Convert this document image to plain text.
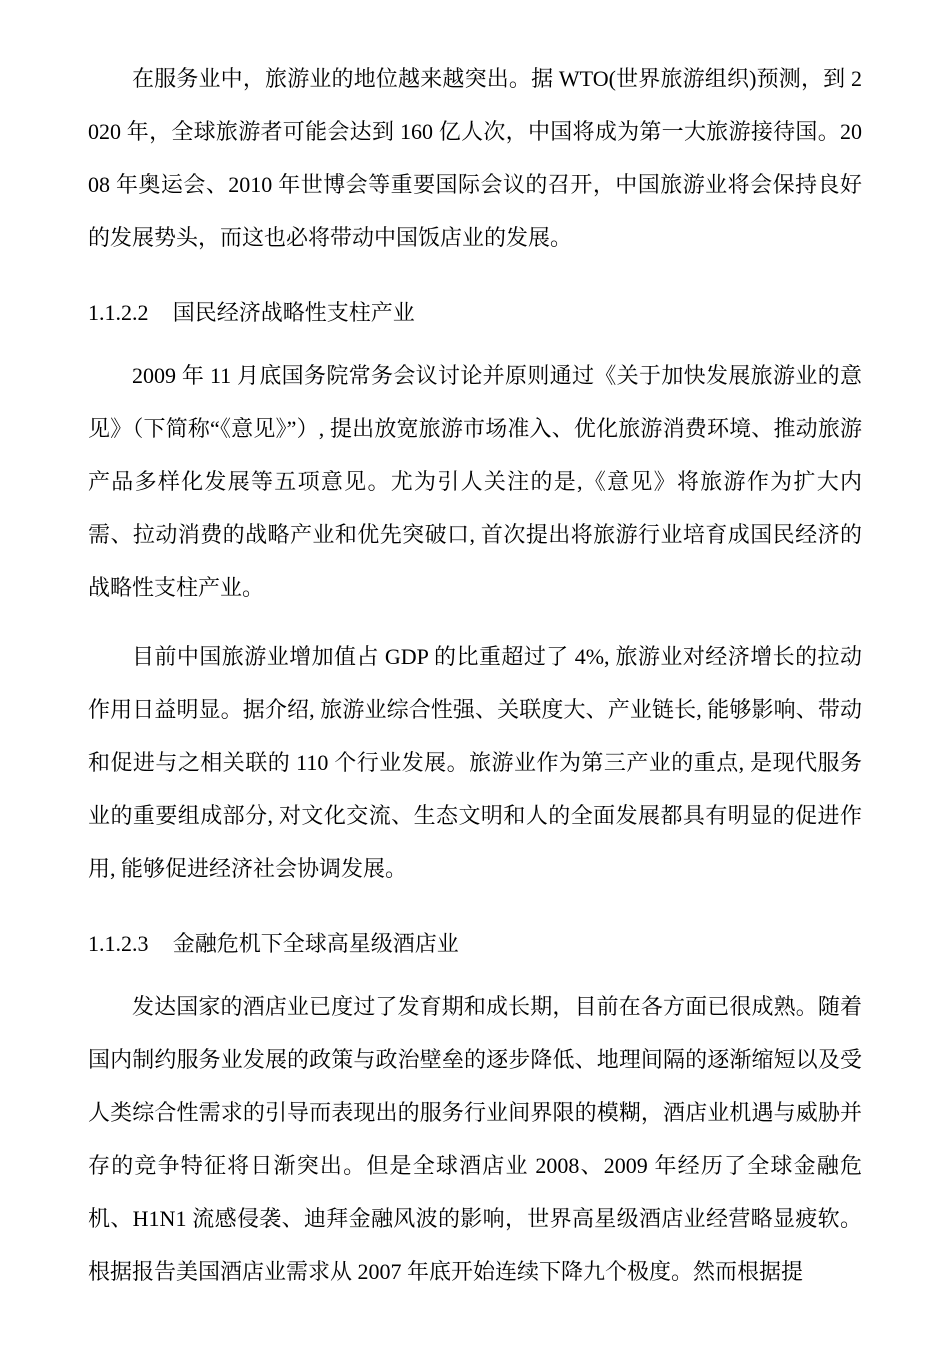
在服务业中，旅游业的地位越来越突出。据 WTO(世界旅游组织)预测，到 2020 年，全球旅游者可能会达到 160 亿人次，中国将成为第一大旅游接待国。2008 年奥运会、2010 年世博会等重要国际会议的召开，中国旅游业将会保持良好的发展势头，而这也必将带动中国饭店业的发展。

1.1.2.2 国民经济战略性支柱产业

2009 年 11 月底国务院常务会议讨论并原则通过《关于加快发展旅游业的意见》（下简称“《意见》”）, 提出放宽旅游市场准入、优化旅游消费环境、推动旅游产品多样化发展等五项意见。尤为引人关注的是,《意见》将旅游作为扩大内需、拉动消费的战略产业和优先突破口, 首次提出将旅游行业培育成国民经济的战略性支柱产业。

目前中国旅游业增加值占 GDP 的比重超过了 4%, 旅游业对经济增长的拉动作用日益明显。据介绍, 旅游业综合性强、关联度大、产业链长, 能够影响、带动和促进与之相关联的 110 个行业发展。旅游业作为第三产业的重点, 是现代服务业的重要组成部分, 对文化交流、生态文明和人的全面发展都具有明显的促进作用, 能够促进经济社会协调发展。

1.1.2.3 金融危机下全球高星级酒店业

发达国家的酒店业已度过了发育期和成长期，目前在各方面已很成熟。随着国内制约服务业发展的政策与政治壁垒的逐步降低、地理间隔的逐渐缩短以及受人类综合性需求的引导而表现出的服务行业间界限的模糊，酒店业机遇与威胁并存的竞争特征将日渐突出。但是全球酒店业 2008、2009 年经历了全球金融危机、H1N1 流感侵袭、迪拜金融风波的影响，世界高星级酒店业经营略显疲软。根据报告美国酒店业需求从 2007 年底开始连续下降九个极度。然而根据提
